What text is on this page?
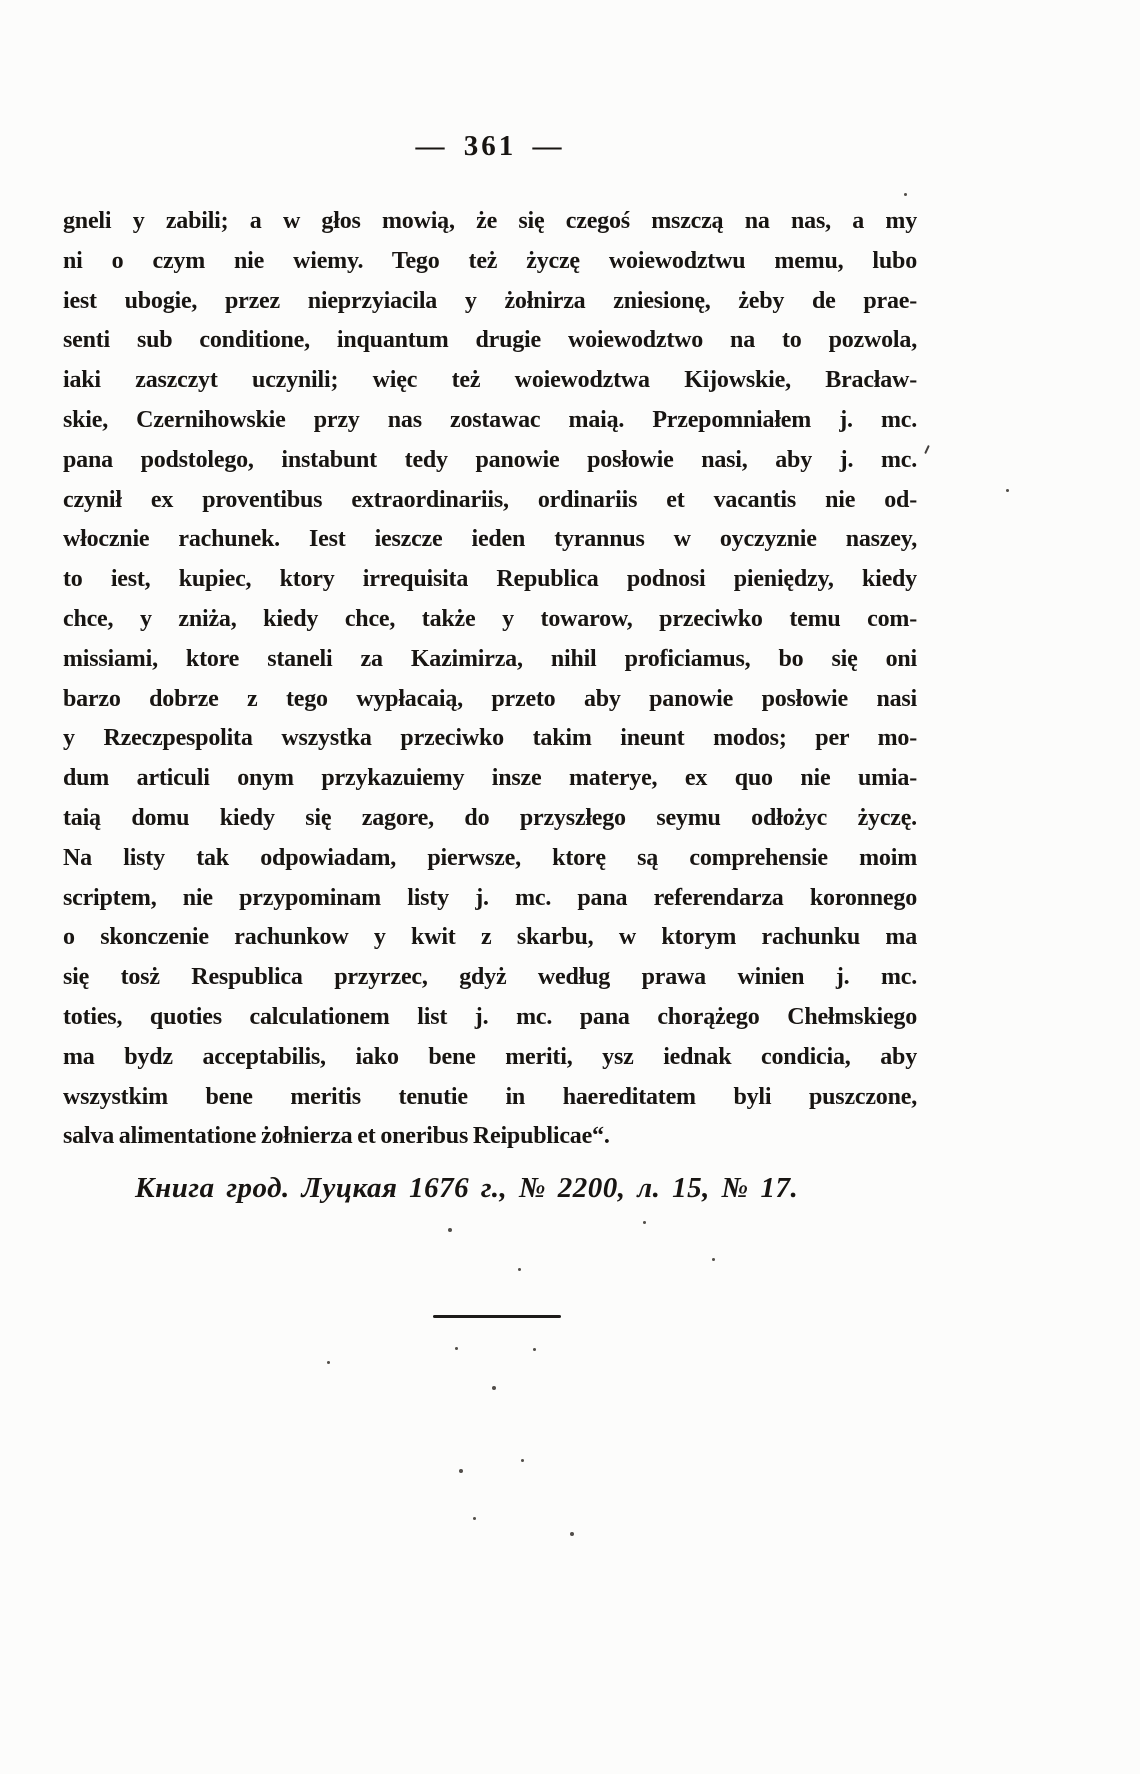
— 361 —
gneli y zabili; a w głos mowią, że się czegoś mszczą na nas, a my
ni o czym nie wiemy. Tego też życzę woiewodztwu memu, lubo
iest ubogie, przez nieprzyiacila y żołnirza zniesionę, żeby de prae-
senti sub conditione, inquantum drugie woiewodztwo na to pozwola,
iaki zaszczyt uczynili; więc też woiewodztwa Kijowskie, Bracław-
skie, Czernihowskie przy nas zostawac maią. Przepomniałem j. mc.
pana podstolego, instabunt tedy panowie posłowie nasi, aby j. mc.
czynił ex proventibus extraordinariis, ordinariis et vacantis nie od-
włocznie rachunek. Iest ieszcze ieden tyrannus w oyczyznie naszey,
to iest, kupiec, ktory irrequisita Republica podnosi pieniędzy, kiedy
chce, y zniża, kiedy chce, także y towarow, przeciwko temu com-
missiami, ktore staneli za Kazimirza, nihil proficiamus, bo się oni
barzo dobrze z tego wypłacaią, przeto aby panowie posłowie nasi
y Rzeczpespolita wszystka przeciwko takim ineunt modos; per mo-
dum articuli onym przykazuiemy insze materye, ex quo nie umia-
taią domu kiedy się zagore, do przyszłego seymu odłożyc życzę.
Na listy tak odpowiadam, pierwsze, ktorę są comprehensie moim
scriptem, nie przypominam listy j. mc. pana referendarza koronnego
o skonczenie rachunkow y kwit z skarbu, w ktorym rachunku ma
się tosż Respublica przyrzec, gdyż według prawa winien j. mc.
toties, quoties calculationem list j. mc. pana chorążego Chełmskiego
ma bydz acceptabilis, iako bene meriti, ysz iednak condicia, aby
wszystkim bene meritis tenutie in haereditatem byli puszczone,
salva alimentatione żołnierza et oneribus Reipublicae“.
Книга грод. Луцкая 1676 г., № 2200, л. 15, № 17.
